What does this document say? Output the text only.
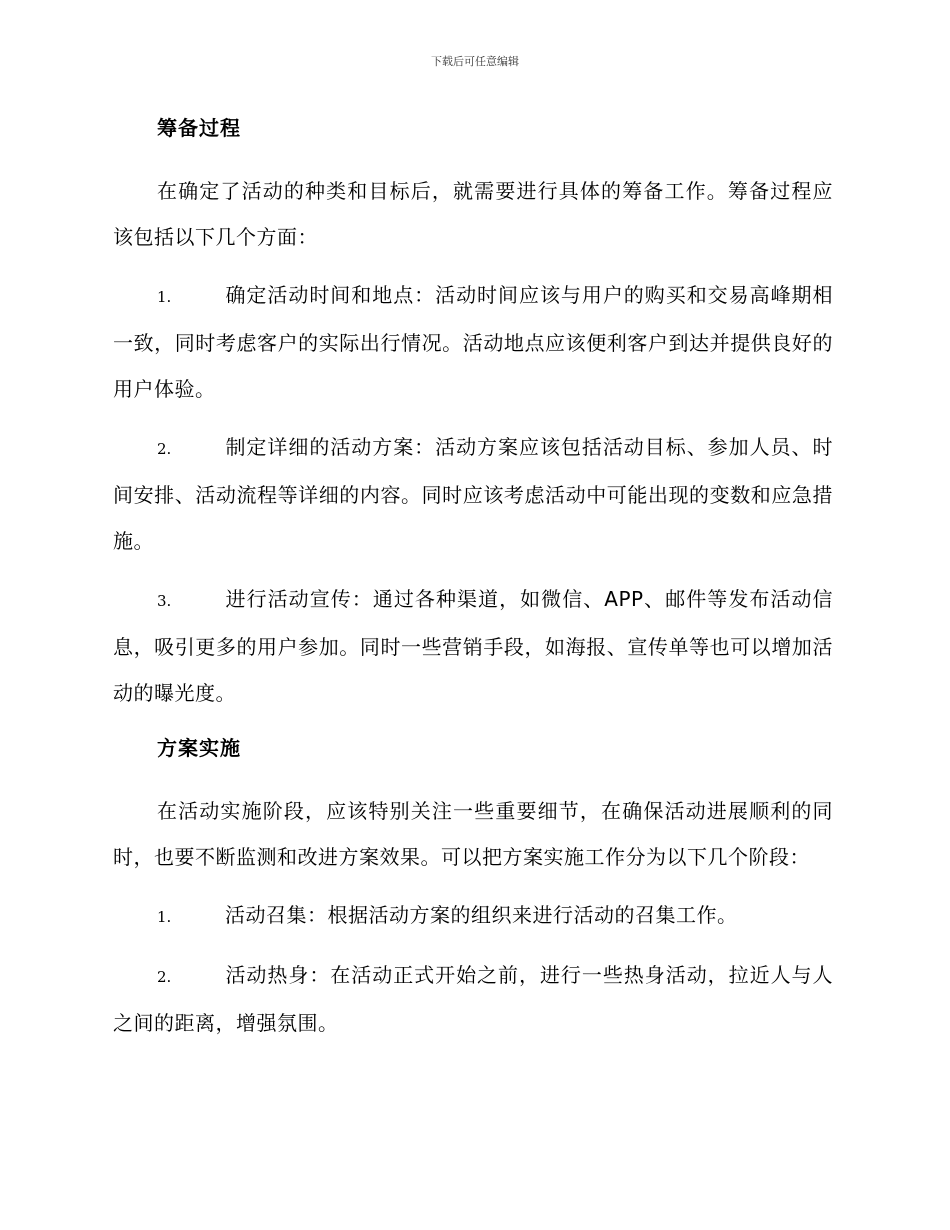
下载后可任意编辑
筹备过程

在确定了活动的种类和目标后，就需要进行具体的筹备工作。筹备过程应该包括以下几个方面：

1.	确定活动时间和地点：活动时间应该与用户的购买和交易高峰期相一致，同时考虑客户的实际出行情况。活动地点应该便利客户到达并提供良好的用户体验。

2.	制定详细的活动方案：活动方案应该包括活动目标、参加人员、时间安排、活动流程等详细的内容。同时应该考虑活动中可能出现的变数和应急措施。

3.	进行活动宣传：通过各种渠道，如微信、APP、邮件等发布活动信息，吸引更多的用户参加。同时一些营销手段，如海报、宣传单等也可以增加活动的曝光度。

方案实施

在活动实施阶段，应该特别关注一些重要细节，在确保活动进展顺利的同时，也要不断监测和改进方案效果。可以把方案实施工作分为以下几个阶段：

1.	活动召集：根据活动方案的组织来进行活动的召集工作。

2.	活动热身：在活动正式开始之前，进行一些热身活动，拉近人与人之间的距离，增强氛围。
